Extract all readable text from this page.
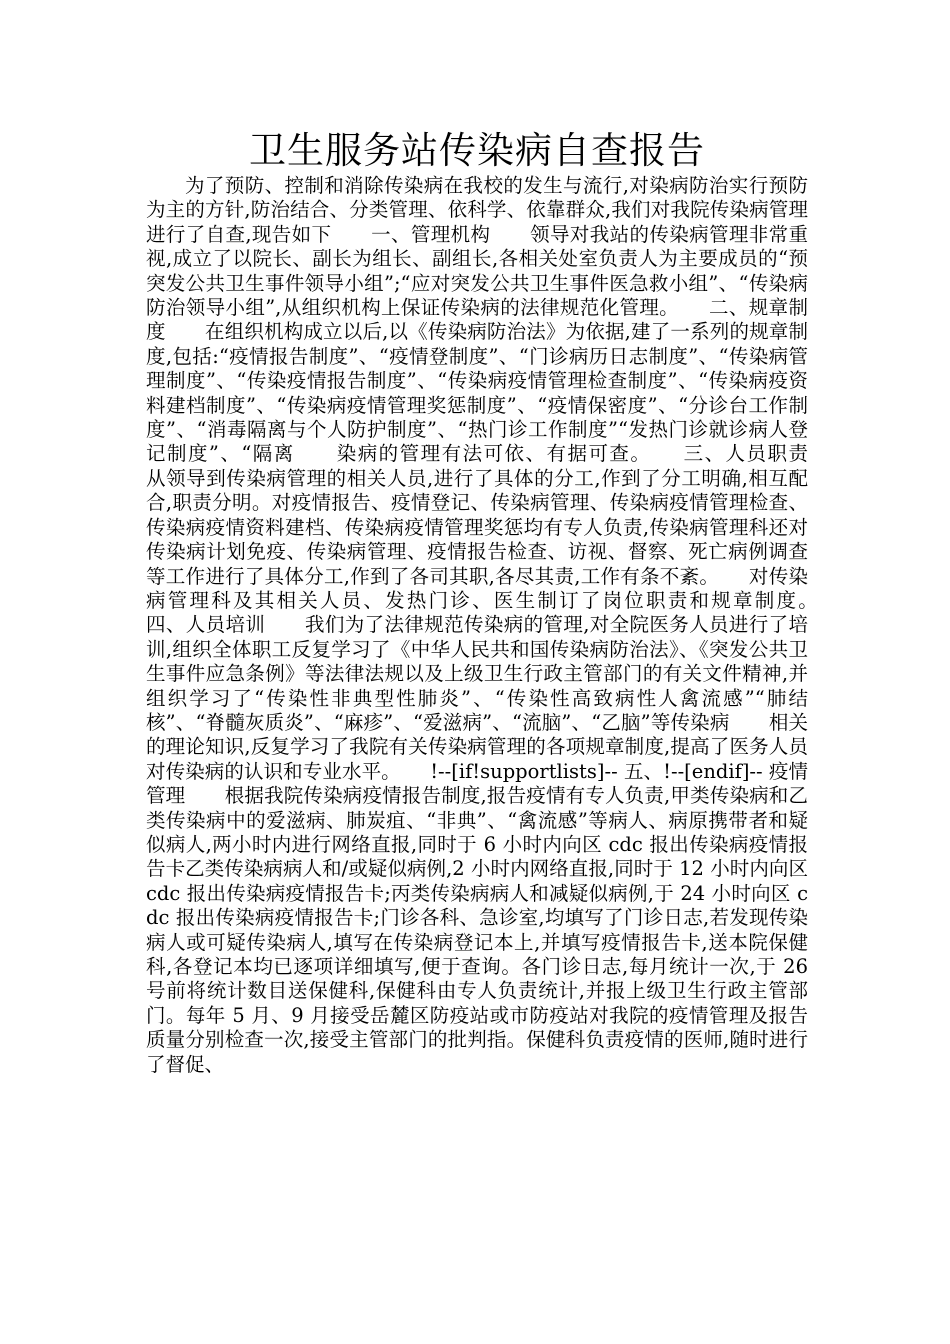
卫生服务站传染病自查报告

为了预防、控制和消除传染病在我校的发生与流行,对染病防治实行预防为主的方针,防治结合、分类管理、依科学、依靠群众,我们对我院传染病管理进行了自查,现告如下　　一、管理机构　　领导对我站的传染病管理非常重视,成立了以院长、副长为组长、副组长,各相关处室负责人为主要成员的“预突发公共卫生事件领导小组”;“应对突发公共卫生事件医急救小组”、“传染病防治领导小组”,从组织机构上保证传染病的法律规范化管理。　　二、规章制度　　在组织机构成立以后,以《传染病防治法》为依据,建了一系列的规章制度,包括:“疫情报告制度”、“疫情登制度”、“门诊病历日志制度”、“传染病管理制度”、“传染疫情报告制度”、“传染病疫情管理检查制度”、“传染病疫资料建档制度”、“传染病疫情管理奖惩制度”、“疫情保密度”、“分诊台工作制度”、“消毒隔离与个人防护制度”、“热门诊工作制度”“发热门诊就诊病人登记制度”、“隔离　　染病的管理有法可依、有据可查。　　三、人员职责　　从领导到传染病管理的相关人员,进行了具体的分工,作到了分工明确,相互配合,职责分明。对疫情报告、疫情登记、传染病管理、传染病疫情管理检查、传染病疫情资料建档、传染病疫情管理奖惩均有专人负责,传染病管理科还对传染病计划免疫、传染病管理、疫情报告检查、访视、督察、死亡病例调查等工作进行了具体分工,作到了各司其职,各尽其责,工作有条不紊。　　对传染病管理科及其相关人员、发热门诊、医生制订了岗位职责和规章制度。　　四、人员培训　　我们为了法律规范传染病的管理,对全院医务人员进行了培训,组织全体职工反复学习了《中华人民共和国传染病防治法》、《突发公共卫生事件应急条例》等法律法规以及上级卫生行政主管部门的有关文件精神,并组织学习了“传染性非典型性肺炎”、“传染性高致病性人禽流感”“肺结核”、“脊髓灰质炎”、“麻疹”、“爱滋病”、“流脑”、“乙脑”等传染病　　相关的理论知识,反复学习了我院有关传染病管理的各项规章制度,提高了医务人员对传染病的认识和专业水平。　　!--[if!supportlists]-- 五、!--[endif]-- 疫情管理　　根据我院传染病疫情报告制度,报告疫情有专人负责,甲类传染病和乙类传染病中的爱滋病、肺炭疽、“非典”、“禽流感”等病人、病原携带者和疑似病人,两小时内进行网络直报,同时于 6 小时内向区 cdc 报出传染病疫情报告卡乙类传染病病人和/或疑似病例,2 小时内网络直报,同时于 12 小时内向区 cdc 报出传染病疫情报告卡;丙类传染病病人和减疑似病例,于 24 小时向区 cdc 报出传染病疫情报告卡;门诊各科、急诊室,均填写了门诊日志,若发现传染病人或可疑传染病人,填写在传染病登记本上,并填写疫情报告卡,送本院保健科,各登记本均已逐项详细填写,便于查询。各门诊日志,每月统计一次,于 26 号前将统计数目送保健科,保健科由专人负责统计,并报上级卫生行政主管部门。每年 5 月、9 月接受岳麓区防疫站或市防疫站对我院的疫情管理及报告质量分别检查一次,接受主管部门的批判指。保健科负责疫情的医师,随时进行了督促、
